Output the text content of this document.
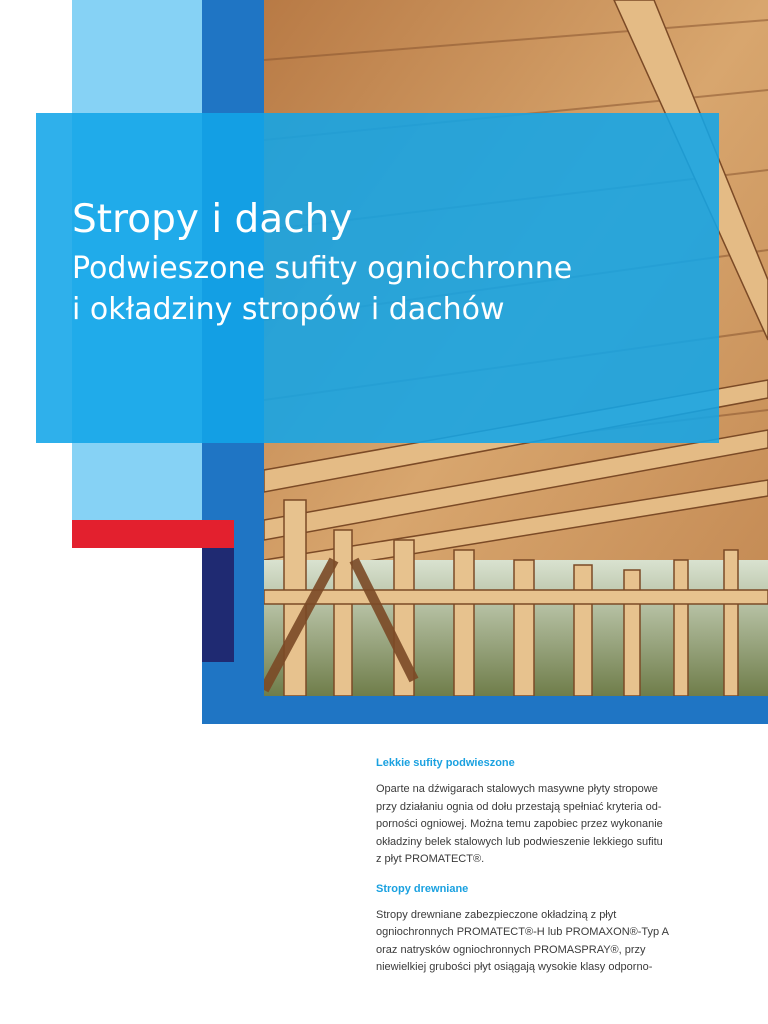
Stropy i dachy
Podwieszone sufity ogniochronne
i okładziny stropów i dachów
Lekkie sufity podwieszone

Oparte na dźwigarach stalowych masywne płyty stropowe
przy działaniu ognia od dołu przestają spełniać kryteria od-
porności ogniowej. Można temu zapobiec przez wykonanie
okładziny belek stalowych lub podwieszenie lekkiego sufitu
z płyt PROMATECT®.

Stropy drewniane

Stropy drewniane zabezpieczone okładziną z płyt
ogniochronnych PROMATECT®-H lub PROMAXON®-Typ A
oraz natrysków ogniochronnych PROMASPRAY®, przy
niewielkiej grubości płyt osiągają wysokie klasy odporno-
